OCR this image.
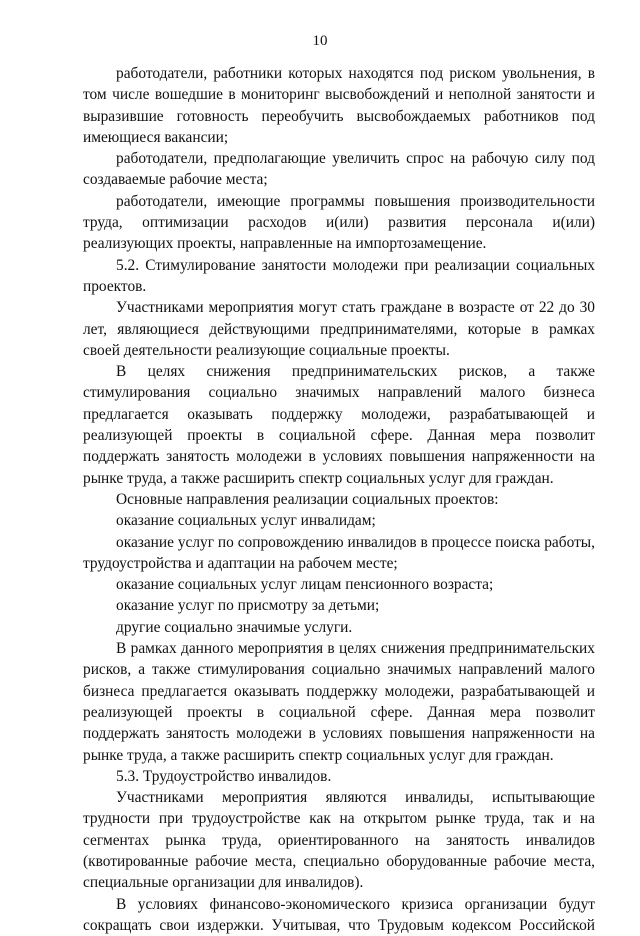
10

работодатели, работники которых находятся под риском увольнения, в том числе вошедшие в мониторинг высвобождений и неполной занятости и выразившие готовность переобучить высвобождаемых работников под имеющиеся вакансии;

работодатели, предполагающие увеличить спрос на рабочую силу под создаваемые рабочие места;

работодатели, имеющие программы повышения производительности труда, оптимизации расходов и(или) развития персонала и(или) реализующих проекты, направленные на импортозамещение.

5.2. Стимулирование занятости молодежи при реализации социальных проектов.

Участниками мероприятия могут стать граждане в возрасте от 22 до 30 лет, являющиеся действующими предпринимателями, которые в рамках своей деятельности реализующие социальные проекты.

В целях снижения предпринимательских рисков, а также стимулирования социально значимых направлений малого бизнеса предлагается оказывать поддержку молодежи, разрабатывающей и реализующей проекты в социальной сфере. Данная мера позволит поддержать занятость молодежи в условиях повышения напряженности на рынке труда, а также расширить спектр социальных услуг для граждан.

Основные направления реализации социальных проектов:

оказание социальных услуг инвалидам;

оказание услуг по сопровождению инвалидов в процессе поиска работы, трудоустройства и адаптации на рабочем месте;

оказание социальных услуг лицам пенсионного возраста;

оказание услуг по присмотру за детьми;

другие социально значимые услуги.

В рамках данного мероприятия в целях снижения предпринимательских рисков, а также стимулирования социально значимых направлений малого бизнеса предлагается оказывать поддержку молодежи, разрабатывающей и реализующей проекты в социальной сфере. Данная мера позволит поддержать занятость молодежи в условиях повышения напряженности на рынке труда, а также расширить спектр социальных услуг для граждан.

5.3. Трудоустройство инвалидов.

Участниками мероприятия являются инвалиды, испытывающие трудности при трудоустройстве как на открытом рынке труда, так и на сегментах рынка труда, ориентированного на занятость инвалидов (квотированные рабочие места, специально оборудованные рабочие места, специальные организации для инвалидов).

В условиях финансово-экономического кризиса организации будут сокращать свои издержки. Учитывая, что Трудовым кодексом Российской
